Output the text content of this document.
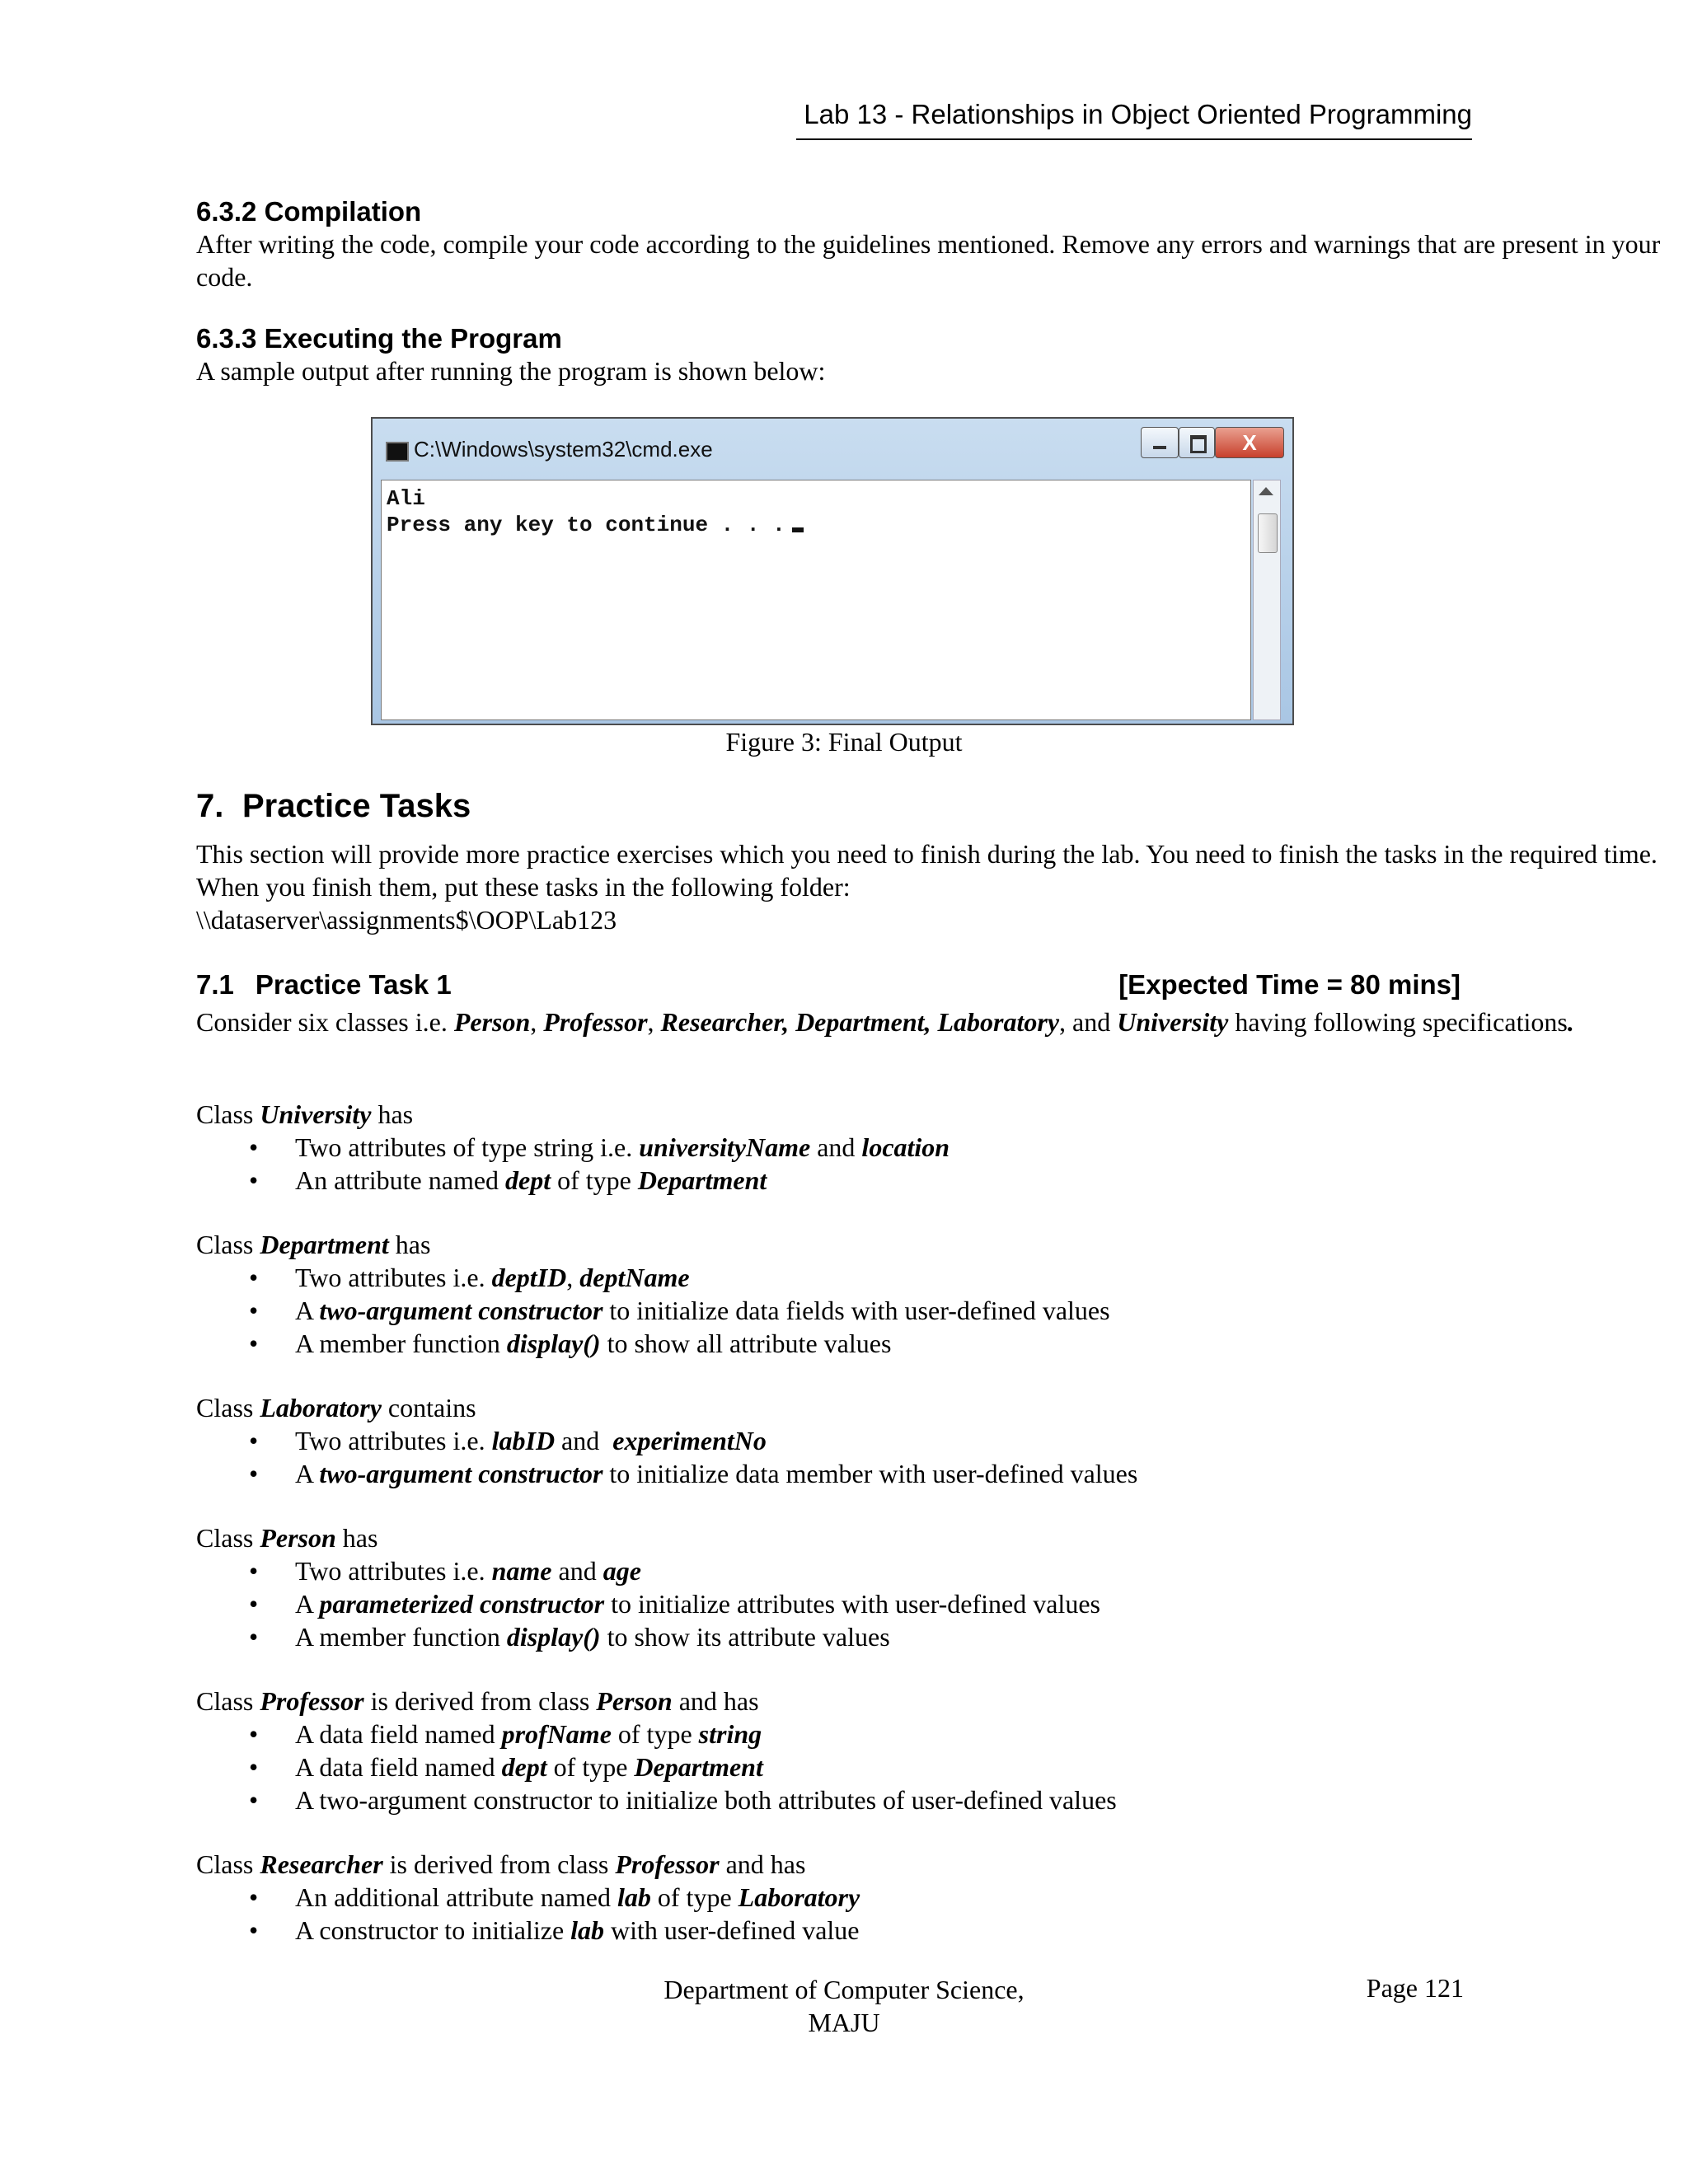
Lab 13 - Relationships in Object Oriented Programming
6.3.2 Compilation
After writing the code, compile your code according to the guidelines mentioned. Remove any errors and warnings that are present in your code.
6.3.3 Executing the Program
A sample output after running the program is shown below:
C:\Windows\system32\cmd.exe	X
Ali
Press any key to continue . . .
Figure 3: Final Output
7. Practice Tasks
This section will provide more practice exercises which you need to finish during the lab. You need to finish the tasks in the required time. When you finish them, put these tasks in the following folder:
\\dataserver\assignments$\OOP\Lab123
7.1 Practice Task 1	[Expected Time = 80 mins]
Consider six classes i.e. Person, Professor, Researcher, Department, Laboratory, and University having following specifications.
Class University has
• Two attributes of type string i.e. universityName and location
• An attribute named dept of type Department
Class Department has
• Two attributes i.e. deptID, deptName
• A two-argument constructor to initialize data fields with user-defined values
• A member function display() to show all attribute values
Class Laboratory contains
• Two attributes i.e. labID and  experimentNo
• A two-argument constructor to initialize data member with user-defined values
Class Person has
• Two attributes i.e. name and age
• A parameterized constructor to initialize attributes with user-defined values
• A member function display() to show its attribute values
Class Professor is derived from class Person and has
• A data field named profName of type string
• A data field named dept of type Department
• A two-argument constructor to initialize both attributes of user-defined values
Class Researcher is derived from class Professor and has
• An additional attribute named lab of type Laboratory
• A constructor to initialize lab with user-defined value
Department of Computer Science,
MAJU
Page 121
